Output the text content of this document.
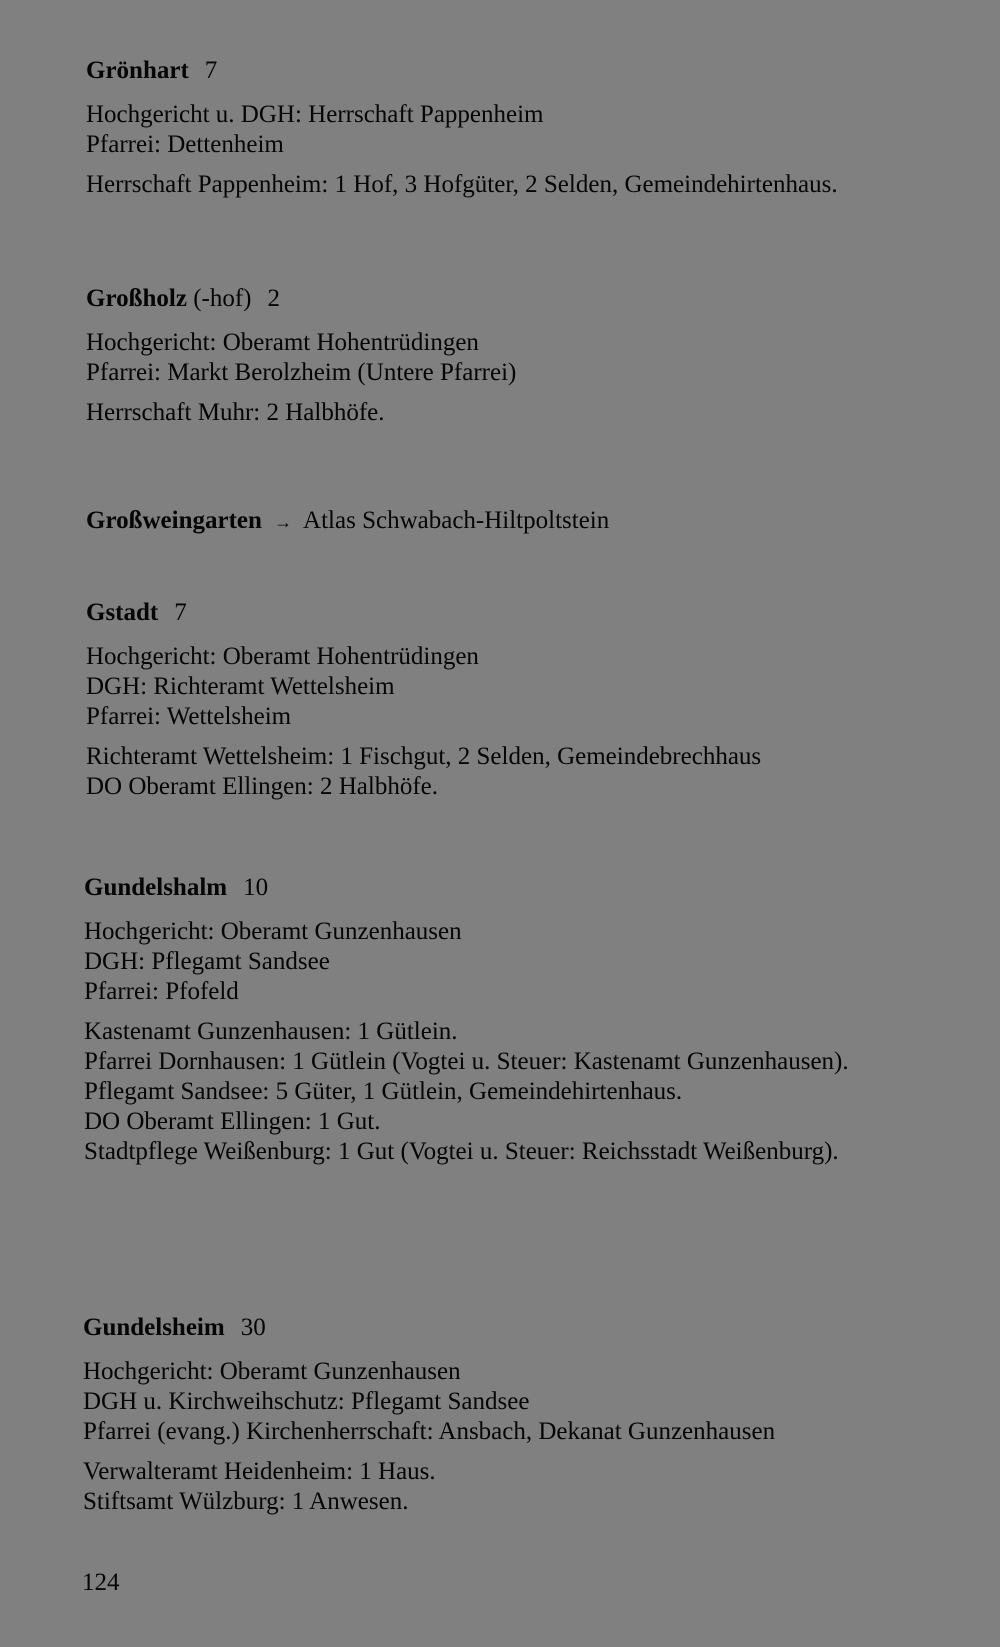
Grönhart 7
Hochgericht u. DGH: Herrschaft Pappenheim
Pfarrei: Dettenheim
Herrschaft Pappenheim: 1 Hof, 3 Hofgüter, 2 Selden, Gemeindehirtenhaus.
Großholz (-hof) 2
Hochgericht: Oberamt Hohentrüdingen
Pfarrei: Markt Berolzheim (Untere Pfarrei)
Herrschaft Muhr: 2 Halbhöfe.
Großweingarten → Atlas Schwabach-Hiltpoltstein
Gstadt 7
Hochgericht: Oberamt Hohentrüdingen
DGH: Richteramt Wettelsheim
Pfarrei: Wettelsheim
Richteramt Wettelsheim: 1 Fischgut, 2 Selden, Gemeindebrechhaus
DO Oberamt Ellingen: 2 Halbhöfe.
Gundelshalm 10
Hochgericht: Oberamt Gunzenhausen
DGH: Pflegamt Sandsee
Pfarrei: Pfofeld
Kastenamt Gunzenhausen: 1 Gütlein.
Pfarrei Dornhausen: 1 Gütlein (Vogtei u. Steuer: Kastenamt Gunzenhausen).
Pflegamt Sandsee: 5 Güter, 1 Gütlein, Gemeindehirtenhaus.
DO Oberamt Ellingen: 1 Gut.
Stadtpflege Weißenburg: 1 Gut (Vogtei u. Steuer: Reichsstadt Weißenburg).
Gundelsheim 30
Hochgericht: Oberamt Gunzenhausen
DGH u. Kirchweihschutz: Pflegamt Sandsee
Pfarrei (evang.) Kirchenherrschaft: Ansbach, Dekanat Gunzenhausen
Verwalteramt Heidenheim: 1 Haus.
Stiftsamt Wülzburg: 1 Anwesen.
124
